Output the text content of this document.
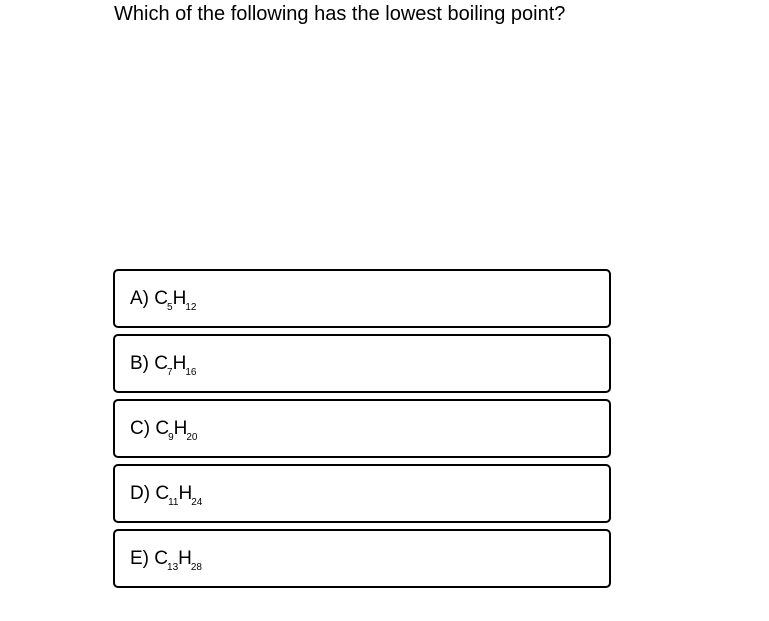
Which of the following has the lowest boiling point?
A) $C_5H_{12}$
B) $C_7H_{16}$
C) $C_9H_{20}$
D) $C_{11}H_{24}$
E) $C_{13}H_{28}$
